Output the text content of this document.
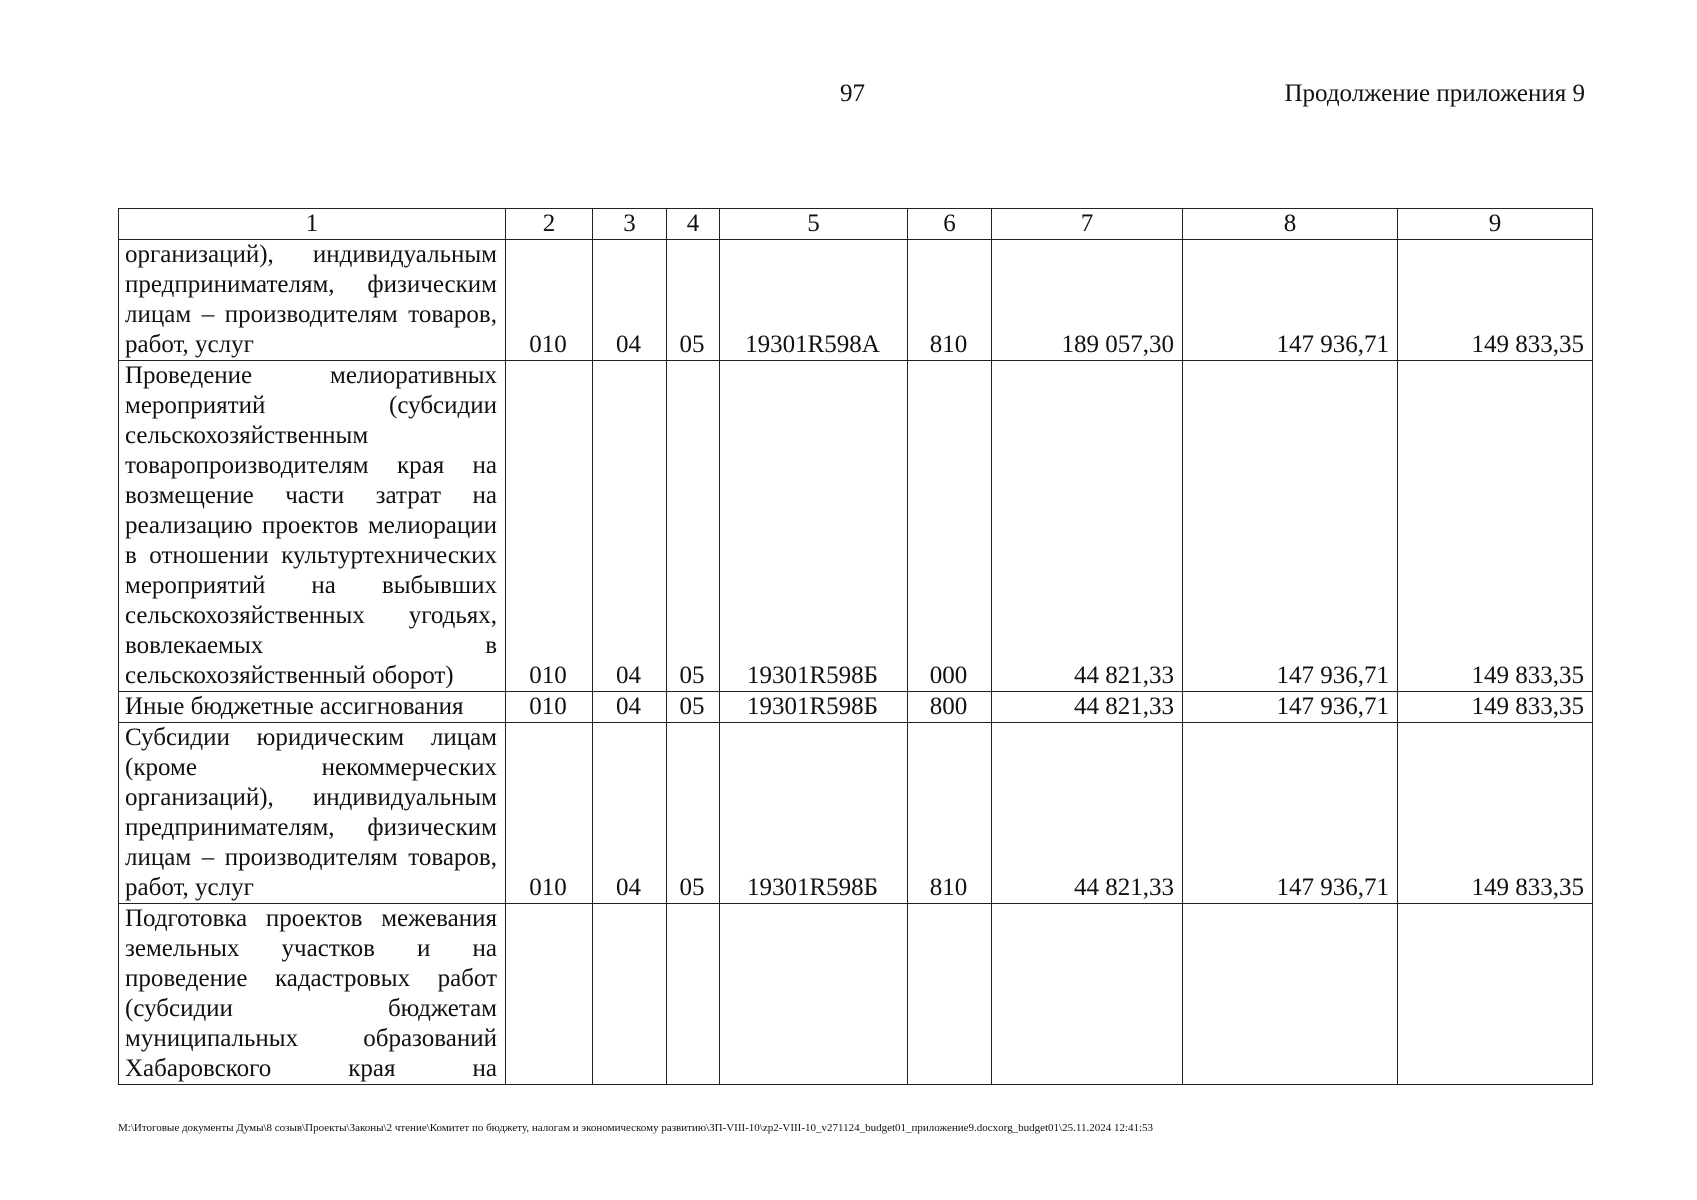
97	Продолжение приложения 9
1	2	3	4	5	6	7	8	9
организаций), индивидуальным предпринимателям, физическим лицам – производителям товаров, работ, услуг	010	04	05	19301R598А	810	189 057,30	147 936,71	149 833,35
Проведение мелиоративных мероприятий (субсидии сельскохозяйственным товаропроизводителям края на возмещение части затрат на реализацию проектов мелиорации в отношении культуртехнических мероприятий на выбывших сельскохозяйственных угодьях, вовлекаемых в сельскохозяйственный оборот)	010	04	05	19301R598Б	000	44 821,33	147 936,71	149 833,35
Иные бюджетные ассигнования	010	04	05	19301R598Б	800	44 821,33	147 936,71	149 833,35
Субсидии юридическим лицам (кроме некоммерческих организаций), индивидуальным предпринимателям, физическим лицам – производителям товаров, работ, услуг	010	04	05	19301R598Б	810	44 821,33	147 936,71	149 833,35
Подготовка проектов межевания земельных участков и на проведение кадастровых работ (субсидии бюджетам муниципальных образований Хабаровского края на								
M:\Итоговые документы Думы\8 созыв\Проекты\Законы\2 чтение\Комитет по бюджету, налогам и экономическому развитию\ЗП-VIII-10\zp2-VIII-10_v271124_budget01_приложение9.docxorg_budget01\25.11.2024 12:41:53
